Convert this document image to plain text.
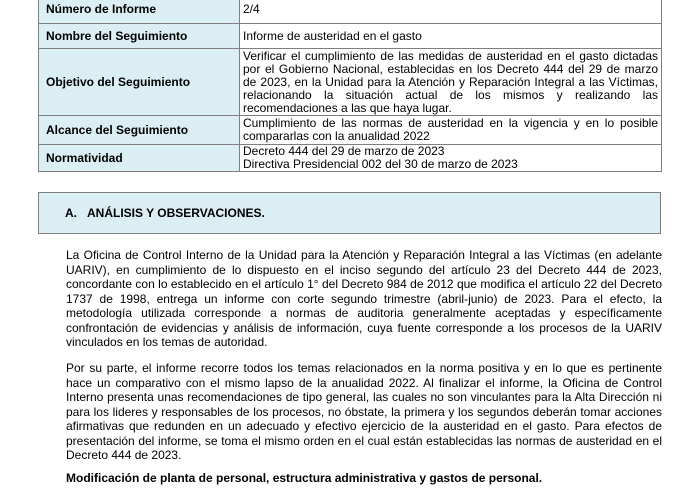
Número de Informe	2/4
Nombre del Seguimiento	Informe de austeridad en el gasto
Objetivo del Seguimiento	Verificar el cumplimiento de las medidas de austeridad en el gasto dictadas por el Gobierno Nacional, establecidas en los Decreto 444 del 29 de marzo de 2023, en la Unidad para la Atención y Reparación Integral a las Víctimas, relacionando la situación actual de los mismos y realizando las recomendaciones a las que haya lugar.
Alcance del Seguimiento	Cumplimiento de las normas de austeridad en la vigencia y en lo posible compararlas con la anualidad 2022
Normatividad	Decreto 444 del 29 de marzo de 2023
Directiva Presidencial 002 del 30 de marzo de 2023
A. ANÁLISIS Y OBSERVACIONES.

La Oficina de Control Interno de la Unidad para la Atención y Reparación Integral a las Víctimas (en adelante UARIV), en cumplimiento de lo dispuesto en el inciso segundo del artículo 23 del Decreto 444 de 2023, concordante con lo establecido en el artículo 1° del Decreto 984 de 2012 que modifica el artículo 22 del Decreto 1737 de 1998, entrega un informe con corte segundo trimestre (abril-junio) de 2023. Para el efecto, la metodología utilizada corresponde a normas de auditoria generalmente aceptadas y específicamente confrontación de evidencias y análisis de información, cuya fuente corresponde a los procesos de la UARIV vinculados en los temas de autoridad.

Por su parte, el informe recorre todos los temas relacionados en la norma positiva y en lo que es pertinente hace un comparativo con el mismo lapso de la anualidad 2022. Al finalizar el informe, la Oficina de Control Interno presenta unas recomendaciones de tipo general, las cuales no son vinculantes para la Alta Dirección ni para los lideres y responsables de los procesos, no óbstate, la primera y los segundos deberán tomar acciones afirmativas que redunden en un adecuado y efectivo ejercicio de la austeridad en el gasto. Para efectos de presentación del informe, se toma el mismo orden en el cual están establecidas las normas de austeridad en el Decreto 444 de 2023.

Modificación de planta de personal, estructura administrativa y gastos de personal.
